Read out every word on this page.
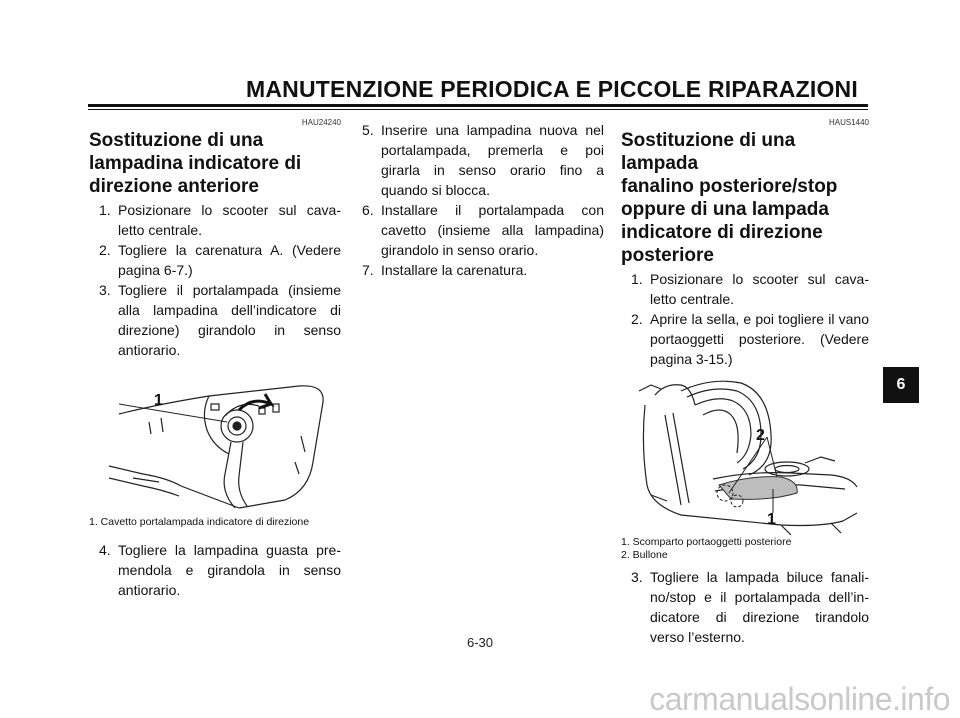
MANUTENZIONE PERIODICA E PICCOLE RIPARAZIONI
HAU24240
Sostituzione di una
lampadina indicatore di
direzione anteriore
1. Posizionare lo scooter sul cava-letto centrale.
2. Togliere la carenatura A. (Vedere pagina 6-7.)
3. Togliere il portalampada (insieme alla lampadina dell’indicatore di direzione) girandolo in senso antiorario.
1
1. Cavetto portalampada indicatore di direzione
4. Togliere la lampadina guasta pre-mendola e girandola in senso antiorario.
5. Inserire una lampadina nuova nel portalampada, premerla e poi girarla in senso orario fino a quando si blocca.
6. Installare il portalampada con cavetto (insieme alla lampadina) girandolo in senso orario.
7. Installare la carenatura.
HAUS1440
Sostituzione di una lampada
fanalino posteriore/stop
oppure di una lampada
indicatore di direzione
posteriore
1. Posizionare lo scooter sul cava-letto centrale.
2. Aprire la sella, e poi togliere il vano portaoggetti posteriore. (Vedere pagina 3-15.)
2
1
1. Scomparto portaoggetti posteriore
2. Bullone
3. Togliere la lampada biluce fanali-no/stop e il portalampada dell’in-dicatore di direzione tirandolo verso l’esterno.
6
6-30
carmanualsonline.info
